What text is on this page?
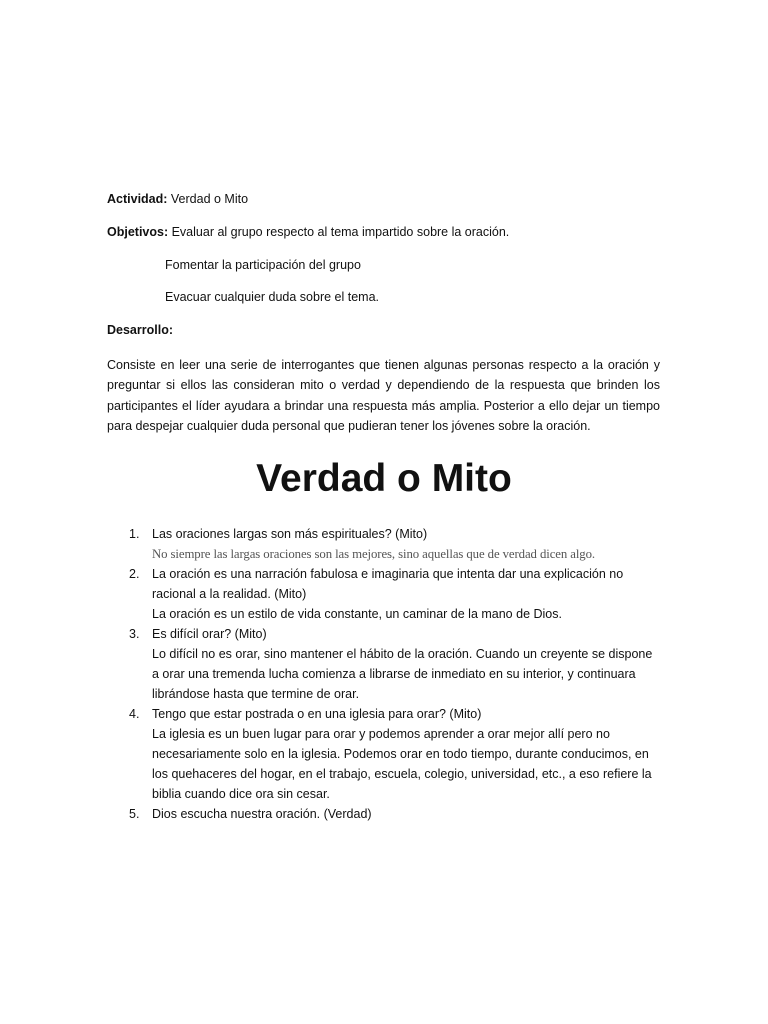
Actividad: Verdad o Mito
Objetivos: Evaluar al grupo respecto al tema impartido sobre la oración.
Fomentar la participación del grupo
Evacuar cualquier duda sobre el tema.
Desarrollo:
Consiste en leer una serie de interrogantes que tienen algunas personas respecto a la oración y
preguntar si ellos las consideran mito o verdad y dependiendo de la respuesta que brinden los
participantes el líder ayudara a brindar una respuesta más amplia. Posterior a ello dejar un tiempo
para despejar cualquier duda personal que pudieran tener los jóvenes sobre la oración.
Verdad o Mito
1. Las oraciones largas son más espirituales? (Mito)
No siempre las largas oraciones son las mejores, sino aquellas que de verdad dicen algo.
2. La oración es una narración fabulosa e imaginaria que intenta dar una explicación no
racional a la realidad. (Mito)
La oración es un estilo de vida constante, un caminar de la mano de Dios.
3. Es difícil orar? (Mito)
Lo difícil no es orar, sino mantener el hábito de la oración. Cuando un creyente se dispone
a orar una tremenda lucha comienza a librarse de inmediato en su interior, y continuara
librándose hasta que termine de orar.
4. Tengo que estar postrada o en una iglesia para orar? (Mito)
La iglesia es un buen lugar para orar y podemos aprender a orar mejor allí pero no
necesariamente solo en la iglesia. Podemos orar en todo tiempo, durante conducimos, en
los quehaceres del hogar, en el trabajo, escuela, colegio, universidad, etc., a eso refiere la
biblia cuando dice ora sin cesar.
5. Dios escucha nuestra oración. (Verdad)
